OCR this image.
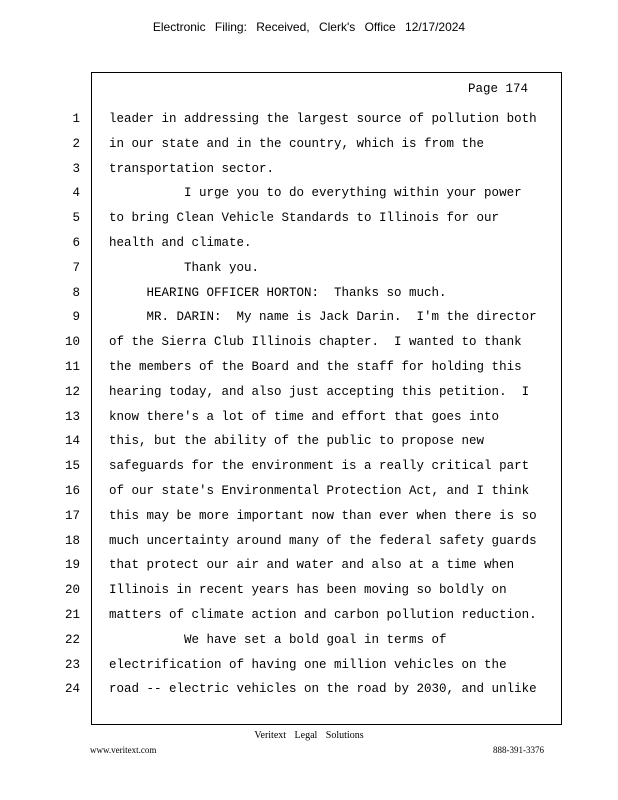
Electronic Filing: Received, Clerk's Office 12/17/2024
Page 174
1 leader in addressing the largest source of pollution both
2 in our state and in the country, which is from the
3 transportation sector.
4 I urge you to do everything within your power
5 to bring Clean Vehicle Standards to Illinois for our
6 health and climate.
7 Thank you.
8 HEARING OFFICER HORTON:  Thanks so much.
9 MR. DARIN:  My name is Jack Darin.  I'm the director
10 of the Sierra Club Illinois chapter.  I wanted to thank
11 the members of the Board and the staff for holding this
12 hearing today, and also just accepting this petition.  I
13 know there's a lot of time and effort that goes into
14 this, but the ability of the public to propose new
15 safeguards for the environment is a really critical part
16 of our state's Environmental Protection Act, and I think
17 this may be more important now than ever when there is so
18 much uncertainty around many of the federal safety guards
19 that protect our air and water and also at a time when
20 Illinois in recent years has been moving so boldly on
21 matters of climate action and carbon pollution reduction.
22 We have set a bold goal in terms of
23 electrification of having one million vehicles on the
24 road -- electric vehicles on the road by 2030, and unlike
Veritext Legal Solutions
www.veritext.com	888-391-3376
